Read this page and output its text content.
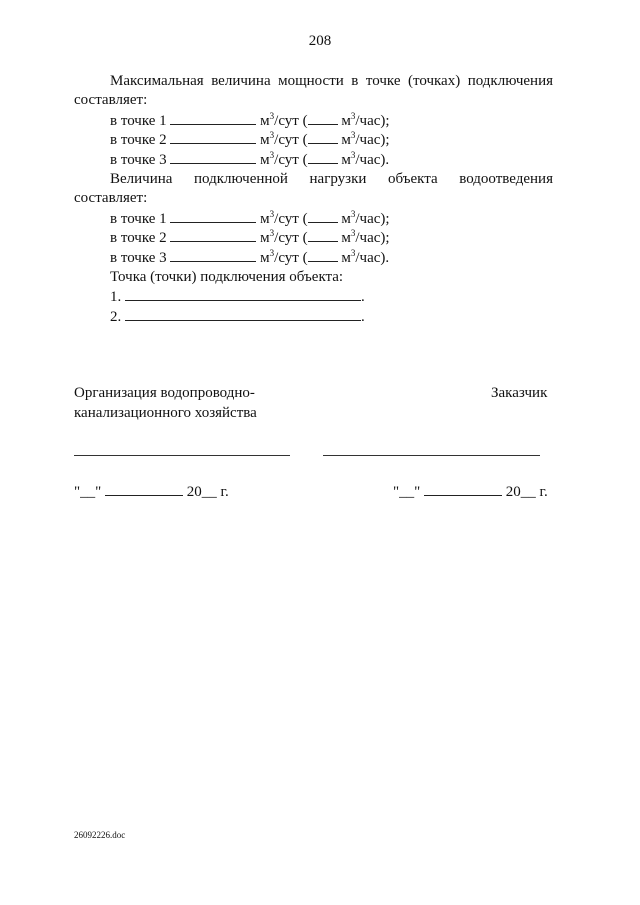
208
Максимальная величина мощности в точке (точках) подключения
составляет:
в точке 1	$м^3$/сут ( $м^3/час$);
в точке 2	$м^3$/сут ( $м^3/час$);
в точке 3	$м^3$/сут ( $м^3/час$).
Величина подключенной нагрузки объекта водоотведения
составляет:
в точке 1	$м^3$/сут ( $м^3/час$);
в точке 2	$м^3$/сут ( $м^3/час$);
в точке 3	$м^3$/сут ( $м^3/час$).
Точка (точки) подключения объекта:
1.	.
2.	.
Организация водопроводно-
канализационного хозяйства
Заказчик
"__"	20__ г.	"__"	20__ г.
26092226.doc
